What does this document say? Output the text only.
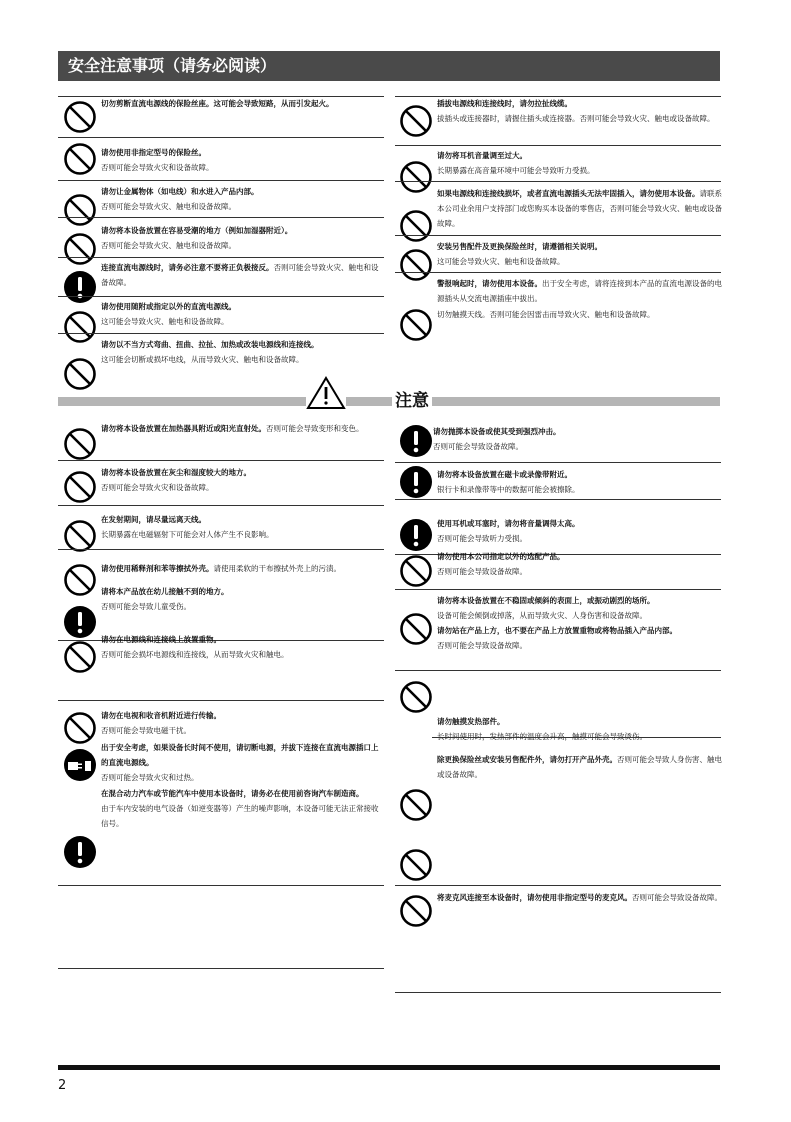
安全注意事项（请务必阅读）
切勿剪断直流电源线的保险丝座。这可能会导致短路，从而引发起火。
请勿使用非指定型号的保险丝。
否则可能会导致火灾和设备故障。
请勿让金属物体（如电线）和水进入产品内部。
否则可能会导致火灾、触电和设备故障。
请勿将本设备放置在容易受潮的地方（例如加湿器附近）。
否则可能会导致火灾、触电和设备故障。
连接直流电源线时，请务必注意不要将正负极接反。否则可能会导致火灾、触电和设备故障。
请勿使用随附或指定以外的直流电源线。
这可能会导致火灾、触电和设备故障。
请勿以不当方式弯曲、扭曲、拉扯、加热或改装电源线和连接线。
这可能会切断或损坏电线，从而导致火灾、触电和设备故障。
插拔电源线和连接线时，请勿拉扯线缆。
拔插头或连接器时，请握住插头或连接器。否则可能会导致火灾、触电或设备故障。
请勿将耳机音量调至过大。
长期暴露在高音量环境中可能会导致听力受损。
如果电源线和连接线损坏，或者直流电源插头无法牢固插入，请勿使用本设备。请联系本公司业余用户支持部门或您购买本设备的零售店，否则可能会导致火灾、触电或设备故障。
安装另售配件及更换保险丝时，请遵循相关说明。
这可能会导致火灾、触电和设备故障。
警报响起时，请勿使用本设备。出于安全考虑，请将连接到本产品的直流电源设备的电源插头从交流电源插座中拔出。
切勿触摸天线。否则可能会因雷击而导致火灾、触电和设备故障。
注意
请勿将本设备放置在加热器具附近或阳光直射处。否则可能会导致变形和变色。
请勿将本设备放置在灰尘和湿度较大的地方。
否则可能会导致火灾和设备故障。
在发射期间，请尽量远离天线。
长期暴露在电磁辐射下可能会对人体产生不良影响。
请勿使用稀释剂和苯等擦拭外壳。请使用柔软的干布擦拭外壳上的污渍。
请将本产品放在幼儿接触不到的地方。
否则可能会导致儿童受伤。
请勿在电源线和连接线上放置重物。
否则可能会损坏电源线和连接线，从而导致火灾和触电。
请勿在电视和收音机附近进行传输。
否则可能会导致电磁干扰。
出于安全考虑，如果设备长时间不使用，请切断电源，并拔下连接在直流电源插口上的直流电源线。
否则可能会导致火灾和过热。
在混合动力汽车或节能汽车中使用本设备时，请务必在使用前咨询汽车制造商。
由于车内安装的电气设备（如逆变器等）产生的噪声影响，本设备可能无法正常接收信号。
请勿抛掷本设备或使其受到强烈冲击。
否则可能会导致设备故障。
请勿将本设备放置在磁卡或录像带附近。
银行卡和录像带等中的数据可能会被擦除。
使用耳机或耳塞时，请勿将音量调得太高。
否则可能会导致听力受损。
请勿使用本公司指定以外的选配产品。
否则可能会导致设备故障。
请勿将本设备放置在不稳固或倾斜的表面上，或振动剧烈的场所。
设备可能会倾倒或掉落，从而导致火灾、人身伤害和设备故障。
请勿站在产品上方，也不要在产品上方放置重物或将物品插入产品内部。
否则可能会导致设备故障。
请勿触摸发热部件。
除更换保险丝或安装另售配件外，请勿打开产品外壳。否则可能会导致人身伤害、触电或设备故障。
将麦克风连接至本设备时，请勿使用非指定型号的麦克风。否则可能会导致设备故障。
2
